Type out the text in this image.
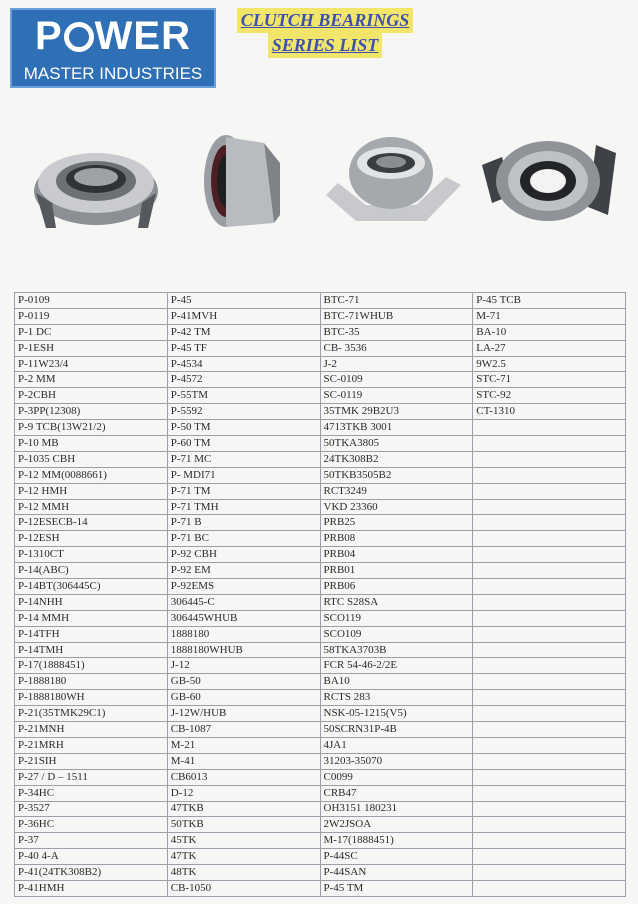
P WER
MASTER INDUSTRIES
CLUTCH BEARINGS
SERIES LIST
P-0109	P-45	BTC-71	P-45 TCB
P-0119	P-41MVH	BTC-71WHUB	M-71
P-1 DC	P-42 TM	BTC-35	BA-10
P-1ESH	P-45 TF	CB- 3536	LA-27
P-11W23/4	P-4534	J-2	9W2.5
P-2 MM	P-4572	SC-0109	STC-71
P-2CBH	P-55TM	SC-0119	STC-92
P-3PP(12308)	P-5592	35TMK 29B2U3	CT-1310
P-9 TCB(13W21/2)	P-50 TM	4713TKB 3001	
P-10 MB	P-60 TM	50TKA3805	
P-1035 CBH	P-71 MC	24TK308B2	
P-12 MM(0088661)	P- MDI71	50TKB3505B2	
P-12 HMH	P-71 TM	RCT3249	
P-12 MMH	P-71 TMH	VKD 23360	
P-12ESECB-14	P-71 B	PRB25	
P-12ESH	P-71 BC	PRB08	
P-1310CT	P-92 CBH	PRB04	
P-14(ABC)	P-92 EM	PRB01	
P-14BT(306445C)	P-92EMS	PRB06	
P-14NHH	306445-C	RTC S28SA	
P-14 MMH	306445WHUB	SCO119	
P-14TFH	1888180	SCO109	
P-14TMH	1888180WHUB	58TKA3703B	
P-17(1888451)	J-12	FCR 54-46-2/2E	
P-1888180	GB-50	BA10	
P-1888180WH	GB-60	RCTS 283	
P-21(35TMK29C1)	J-12W/HUB	NSK-05-1215(V5)	
P-21MNH	CB-1087	50SCRN31P-4B	
P-21MRH	M-21	4JA1	
P-21SIH	M-41	31203-35070	
P-27 / D – 1511	CB6013	C0099	
P-34HC	D-12	CRB47	
P-3527	47TKB	OH3151 180231	
P-36HC	50TKB	2W2JSOA	
P-37	45TK	M-17(1888451)	
P-40 4-A	47TK	P-44SC	
P-41(24TK308B2)	48TK	P-44SAN	
P-41HMH	CB-1050	P-45 TM	
